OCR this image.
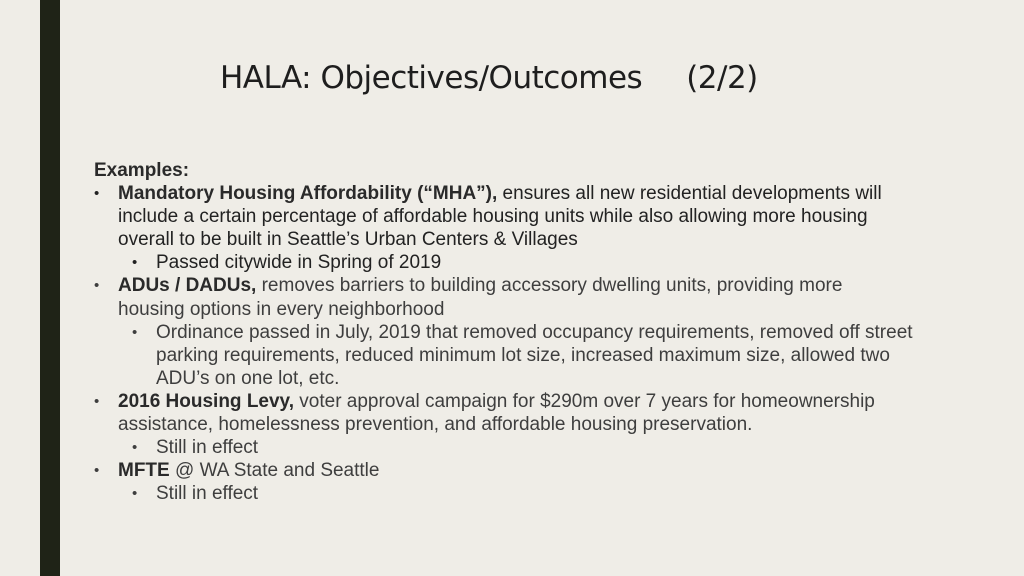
HALA: Objectives/Outcomes (2/2)
Examples:
• Mandatory Housing Affordability (“MHA”), ensures all new residential developments will include a certain percentage of affordable housing units while also allowing more housing overall to be built in Seattle’s Urban Centers & Villages
• Passed citywide in Spring of 2019
• ADUs / DADUs, removes barriers to building accessory dwelling units, providing more housing options in every neighborhood
• Ordinance passed in July, 2019 that removed occupancy requirements, removed off street parking requirements, reduced minimum lot size, increased maximum size, allowed two ADU’s on one lot, etc.
• 2016 Housing Levy, voter approval campaign for $290m over 7 years for homeownership assistance, homelessness prevention, and affordable housing preservation.
• Still in effect
• MFTE @ WA State and Seattle
• Still in effect
